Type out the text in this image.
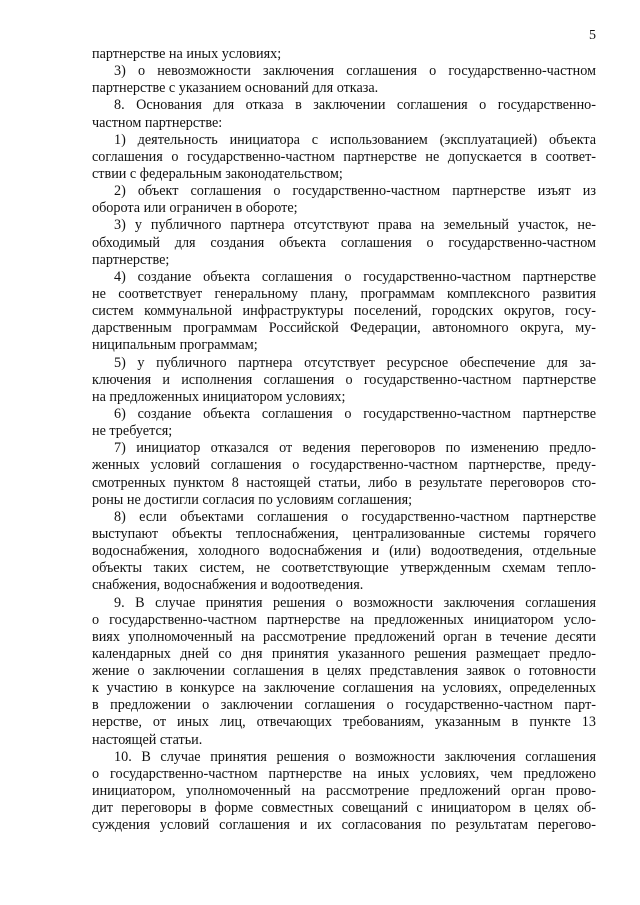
5
партнерстве на иных условиях;
3) о невозможности заключения соглашения о государственно-частном
партнерстве с указанием оснований для отказа.
8. Основания для отказа в заключении соглашения о государственно-
частном партнерстве:
1) деятельность инициатора с использованием (эксплуатацией) объекта
соглашения о государственно-частном партнерстве не допускается в соответ-
ствии с федеральным законодательством;
2) объект соглашения о государственно-частном партнерстве изъят из
оборота или ограничен в обороте;
3) у публичного партнера отсутствуют права на земельный участок, не-
обходимый для создания объекта соглашения о государственно-частном
партнерстве;
4) создание объекта соглашения о государственно-частном партнерстве
не соответствует генеральному плану, программам комплексного развития
систем коммунальной инфраструктуры поселений, городских округов, госу-
дарственным программам Российской Федерации, автономного округа, му-
ниципальным программам;
5) у публичного партнера отсутствует ресурсное обеспечение для за-
ключения и исполнения соглашения о государственно-частном партнерстве
на предложенных инициатором условиях;
6) создание объекта соглашения о государственно-частном партнерстве
не требуется;
7) инициатор отказался от ведения переговоров по изменению предло-
женных условий соглашения о государственно-частном партнерстве, преду-
смотренных пунктом 8 настоящей статьи, либо в результате переговоров сто-
роны не достигли согласия по условиям соглашения;
8) если объектами соглашения о государственно-частном партнерстве
выступают объекты теплоснабжения, централизованные системы горячего
водоснабжения, холодного водоснабжения и (или) водоотведения, отдельные
объекты таких систем, не соответствующие утвержденным схемам тепло-
снабжения, водоснабжения и водоотведения.
9. В случае принятия решения о возможности заключения соглашения
о государственно-частном партнерстве на предложенных инициатором усло-
виях уполномоченный на рассмотрение предложений орган в течение десяти
календарных дней со дня принятия указанного решения размещает предло-
жение о заключении соглашения в целях представления заявок о готовности
к участию в конкурсе на заключение соглашения на условиях, определенных
в предложении о заключении соглашения о государственно-частном парт-
нерстве, от иных лиц, отвечающих требованиям, указанным в пункте 13
настоящей статьи.
10. В случае принятия решения о возможности заключения соглашения
о государственно-частном партнерстве на иных условиях, чем предложено
инициатором, уполномоченный на рассмотрение предложений орган прово-
дит переговоры в форме совместных совещаний с инициатором в целях об-
суждения условий соглашения и их согласования по результатам перегово-
